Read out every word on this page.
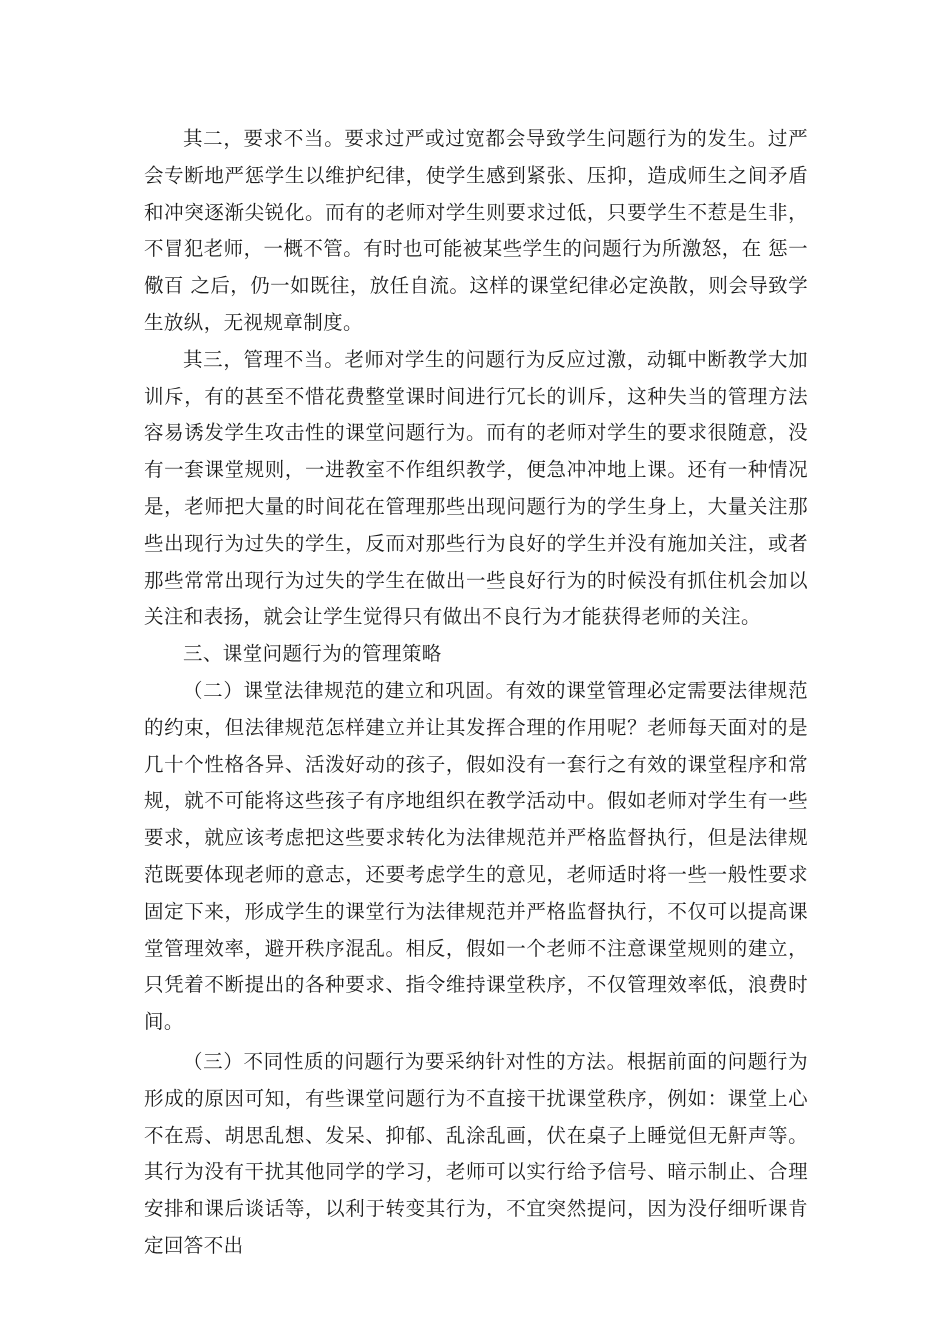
其二，要求不当。要求过严或过宽都会导致学生问题行为的发生。过严会专断地严惩学生以维护纪律，使学生感到紧张、压抑，造成师生之间矛盾和冲突逐渐尖锐化。而有的老师对学生则要求过低，只要学生不惹是生非，不冒犯老师，一概不管。有时也可能被某些学生的问题行为所激怒，在 惩一儆百 之后，仍一如既往，放任自流。这样的课堂纪律必定涣散，则会导致学生放纵，无视规章制度。

其三，管理不当。老师对学生的问题行为反应过激，动辄中断教学大加训斥，有的甚至不惜花费整堂课时间进行冗长的训斥，这种失当的管理方法容易诱发学生攻击性的课堂问题行为。而有的老师对学生的要求很随意，没有一套课堂规则，一进教室不作组织教学，便急冲冲地上课。还有一种情况是，老师把大量的时间花在管理那些出现问题行为的学生身上，大量关注那些出现行为过失的学生，反而对那些行为良好的学生并没有施加关注，或者那些常常出现行为过失的学生在做出一些良好行为的时候没有抓住机会加以关注和表扬，就会让学生觉得只有做出不良行为才能获得老师的关注。

三、课堂问题行为的管理策略

（二）课堂法律规范的建立和巩固。有效的课堂管理必定需要法律规范的约束，但法律规范怎样建立并让其发挥合理的作用呢？老师每天面对的是几十个性格各异、活泼好动的孩子，假如没有一套行之有效的课堂程序和常规，就不可能将这些孩子有序地组织在教学活动中。假如老师对学生有一些要求，就应该考虑把这些要求转化为法律规范并严格监督执行，但是法律规范既要体现老师的意志，还要考虑学生的意见，老师适时将一些一般性要求固定下来，形成学生的课堂行为法律规范并严格监督执行，不仅可以提高课堂管理效率，避开秩序混乱。相反，假如一个老师不注意课堂规则的建立，只凭着不断提出的各种要求、指令维持课堂秩序，不仅管理效率低，浪费时间。

（三）不同性质的问题行为要采纳针对性的方法。根据前面的问题行为形成的原因可知，有些课堂问题行为不直接干扰课堂秩序，例如：课堂上心不在焉、胡思乱想、发呆、抑郁、乱涂乱画，伏在桌子上睡觉但无鼾声等。其行为没有干扰其他同学的学习，老师可以实行给予信号、暗示制止、合理安排和课后谈话等，以利于转变其行为，不宜突然提问，因为没仔细听课肯定回答不出
